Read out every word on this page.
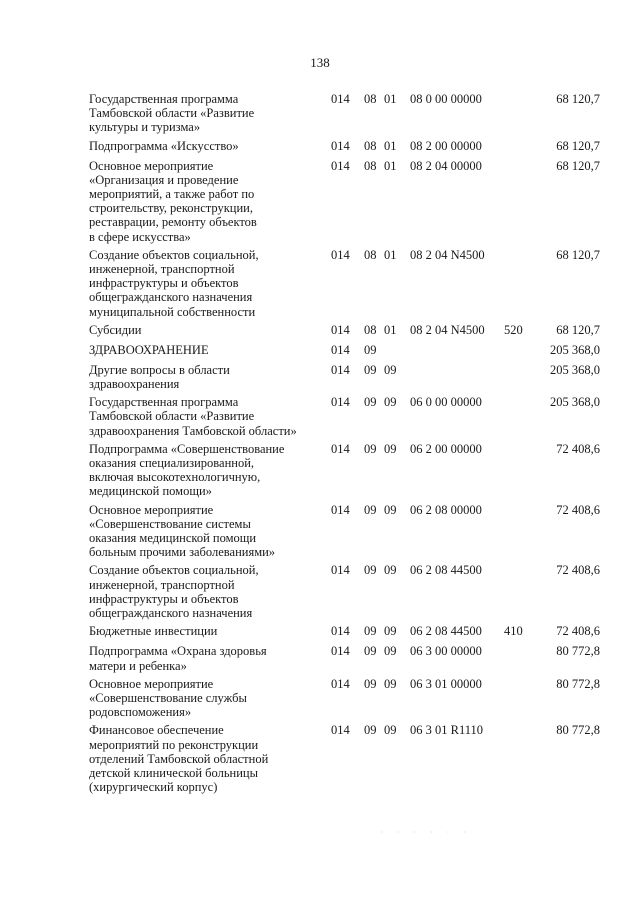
138
Государственная программа
Тамбовской области «Развитие
культуры и туризма»
014 08 01 08 0 00 00000	68 120,7
Подпрограмма «Искусство»	014 08 01 08 2 00 00000	68 120,7
Основное мероприятие
«Организация и проведение
мероприятий, а также работ по
строительству, реконструкции,
реставрации, ремонту объектов
в сфере искусства»
014 08 01 08 2 04 00000	68 120,7
Создание объектов социальной,
инженерной, транспортной
инфраструктуры и объектов
общегражданского назначения
муниципальной собственности
014 08 01 08 2 04 N4500	68 120,7
Субсидии	014 08 01 08 2 04 N4500 520	68 120,7
ЗДРАВООХРАНЕНИЕ	014 09	205 368,0
Другие вопросы в области
здравоохранения
014 09 09	205 368,0
Государственная программа
Тамбовской области «Развитие
здравоохранения Тамбовской области»
014 09 09 06 0 00 00000	205 368,0
Подпрограмма «Совершенствование
оказания специализированной,
включая высокотехнологичную,
медицинской помощи»
014 09 09 06 2 00 00000	72 408,6
Основное мероприятие
«Совершенствование системы
оказания медицинской помощи
больным прочими заболеваниями»
014 09 09 06 2 08 00000	72 408,6
Создание объектов социальной,
инженерной, транспортной
инфраструктуры и объектов
общегражданского назначения
014 09 09 06 2 08 44500	72 408,6
Бюджетные инвестиции	014 09 09 06 2 08 44500 410	72 408,6
Подпрограмма «Охрана здоровья
матери и ребенка»
014 09 09 06 3 00 00000	80 772,8
Основное мероприятие
«Совершенствование службы
родовспоможения»
014 09 09 06 3 01 00000	80 772,8
Финансовое обеспечение
мероприятий по реконструкции
отделений Тамбовской областной
детской клинической больницы
(хирургический корпус)
014 09 09 06 3 01 R1110	80 772,8
· · · · · ·
